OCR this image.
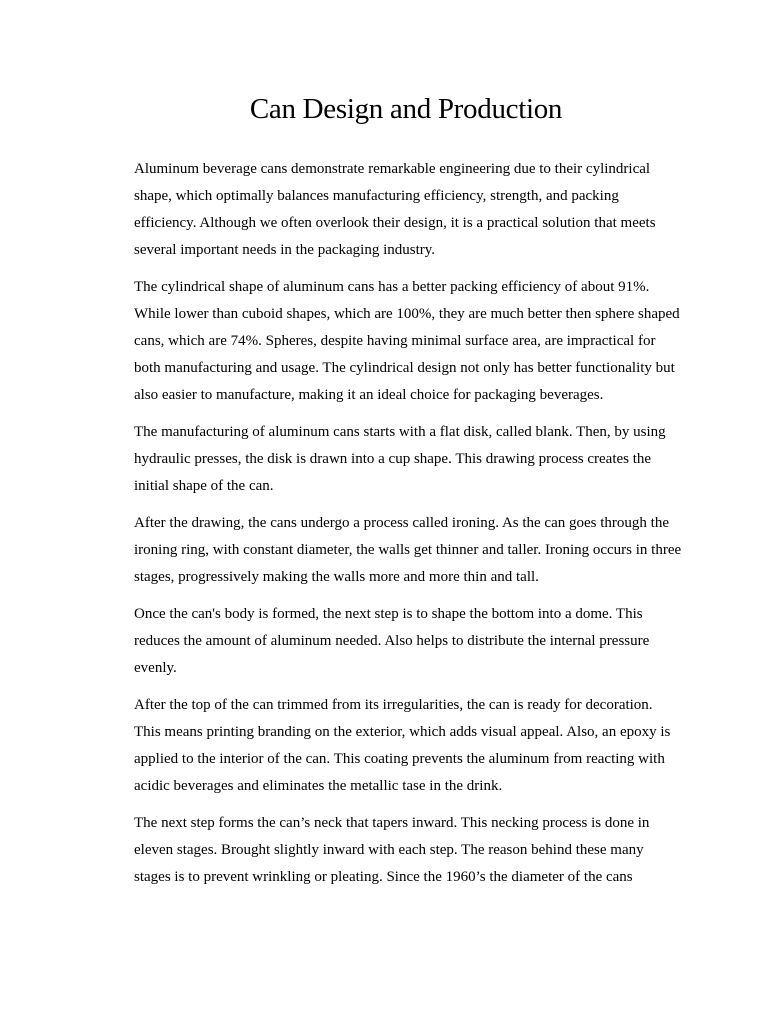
Can Design and Production

Aluminum beverage cans demonstrate remarkable engineering due to their cylindrical shape, which optimally balances manufacturing efficiency, strength, and packing efficiency. Although we often overlook their design, it is a practical solution that meets several important needs in the packaging industry.

The cylindrical shape of aluminum cans has a better packing efficiency of about 91%. While lower than cuboid shapes, which are 100%, they are much better then sphere shaped cans, which are 74%. Spheres, despite having minimal surface area, are impractical for both manufacturing and usage. The cylindrical design not only has better functionality but also easier to manufacture, making it an ideal choice for packaging beverages.

The manufacturing of aluminum cans starts with a flat disk, called blank. Then, by using hydraulic presses, the disk is drawn into a cup shape. This drawing process creates the initial shape of the can.

After the drawing, the cans undergo a process called ironing. As the can goes through the ironing ring, with constant diameter, the walls get thinner and taller. Ironing occurs in three stages, progressively making the walls more and more thin and tall.

Once the can's body is formed, the next step is to shape the bottom into a dome. This reduces the amount of aluminum needed. Also helps to distribute the internal pressure evenly.

After the top of the can trimmed from its irregularities, the can is ready for decoration. This means printing branding on the exterior, which adds visual appeal. Also, an epoxy is applied to the interior of the can. This coating prevents the aluminum from reacting with acidic beverages and eliminates the metallic tase in the drink.

The next step forms the can’s neck that tapers inward. This necking process is done in eleven stages. Brought slightly inward with each step. The reason behind these many stages is to prevent wrinkling or pleating. Since the 1960’s the diameter of the cans
